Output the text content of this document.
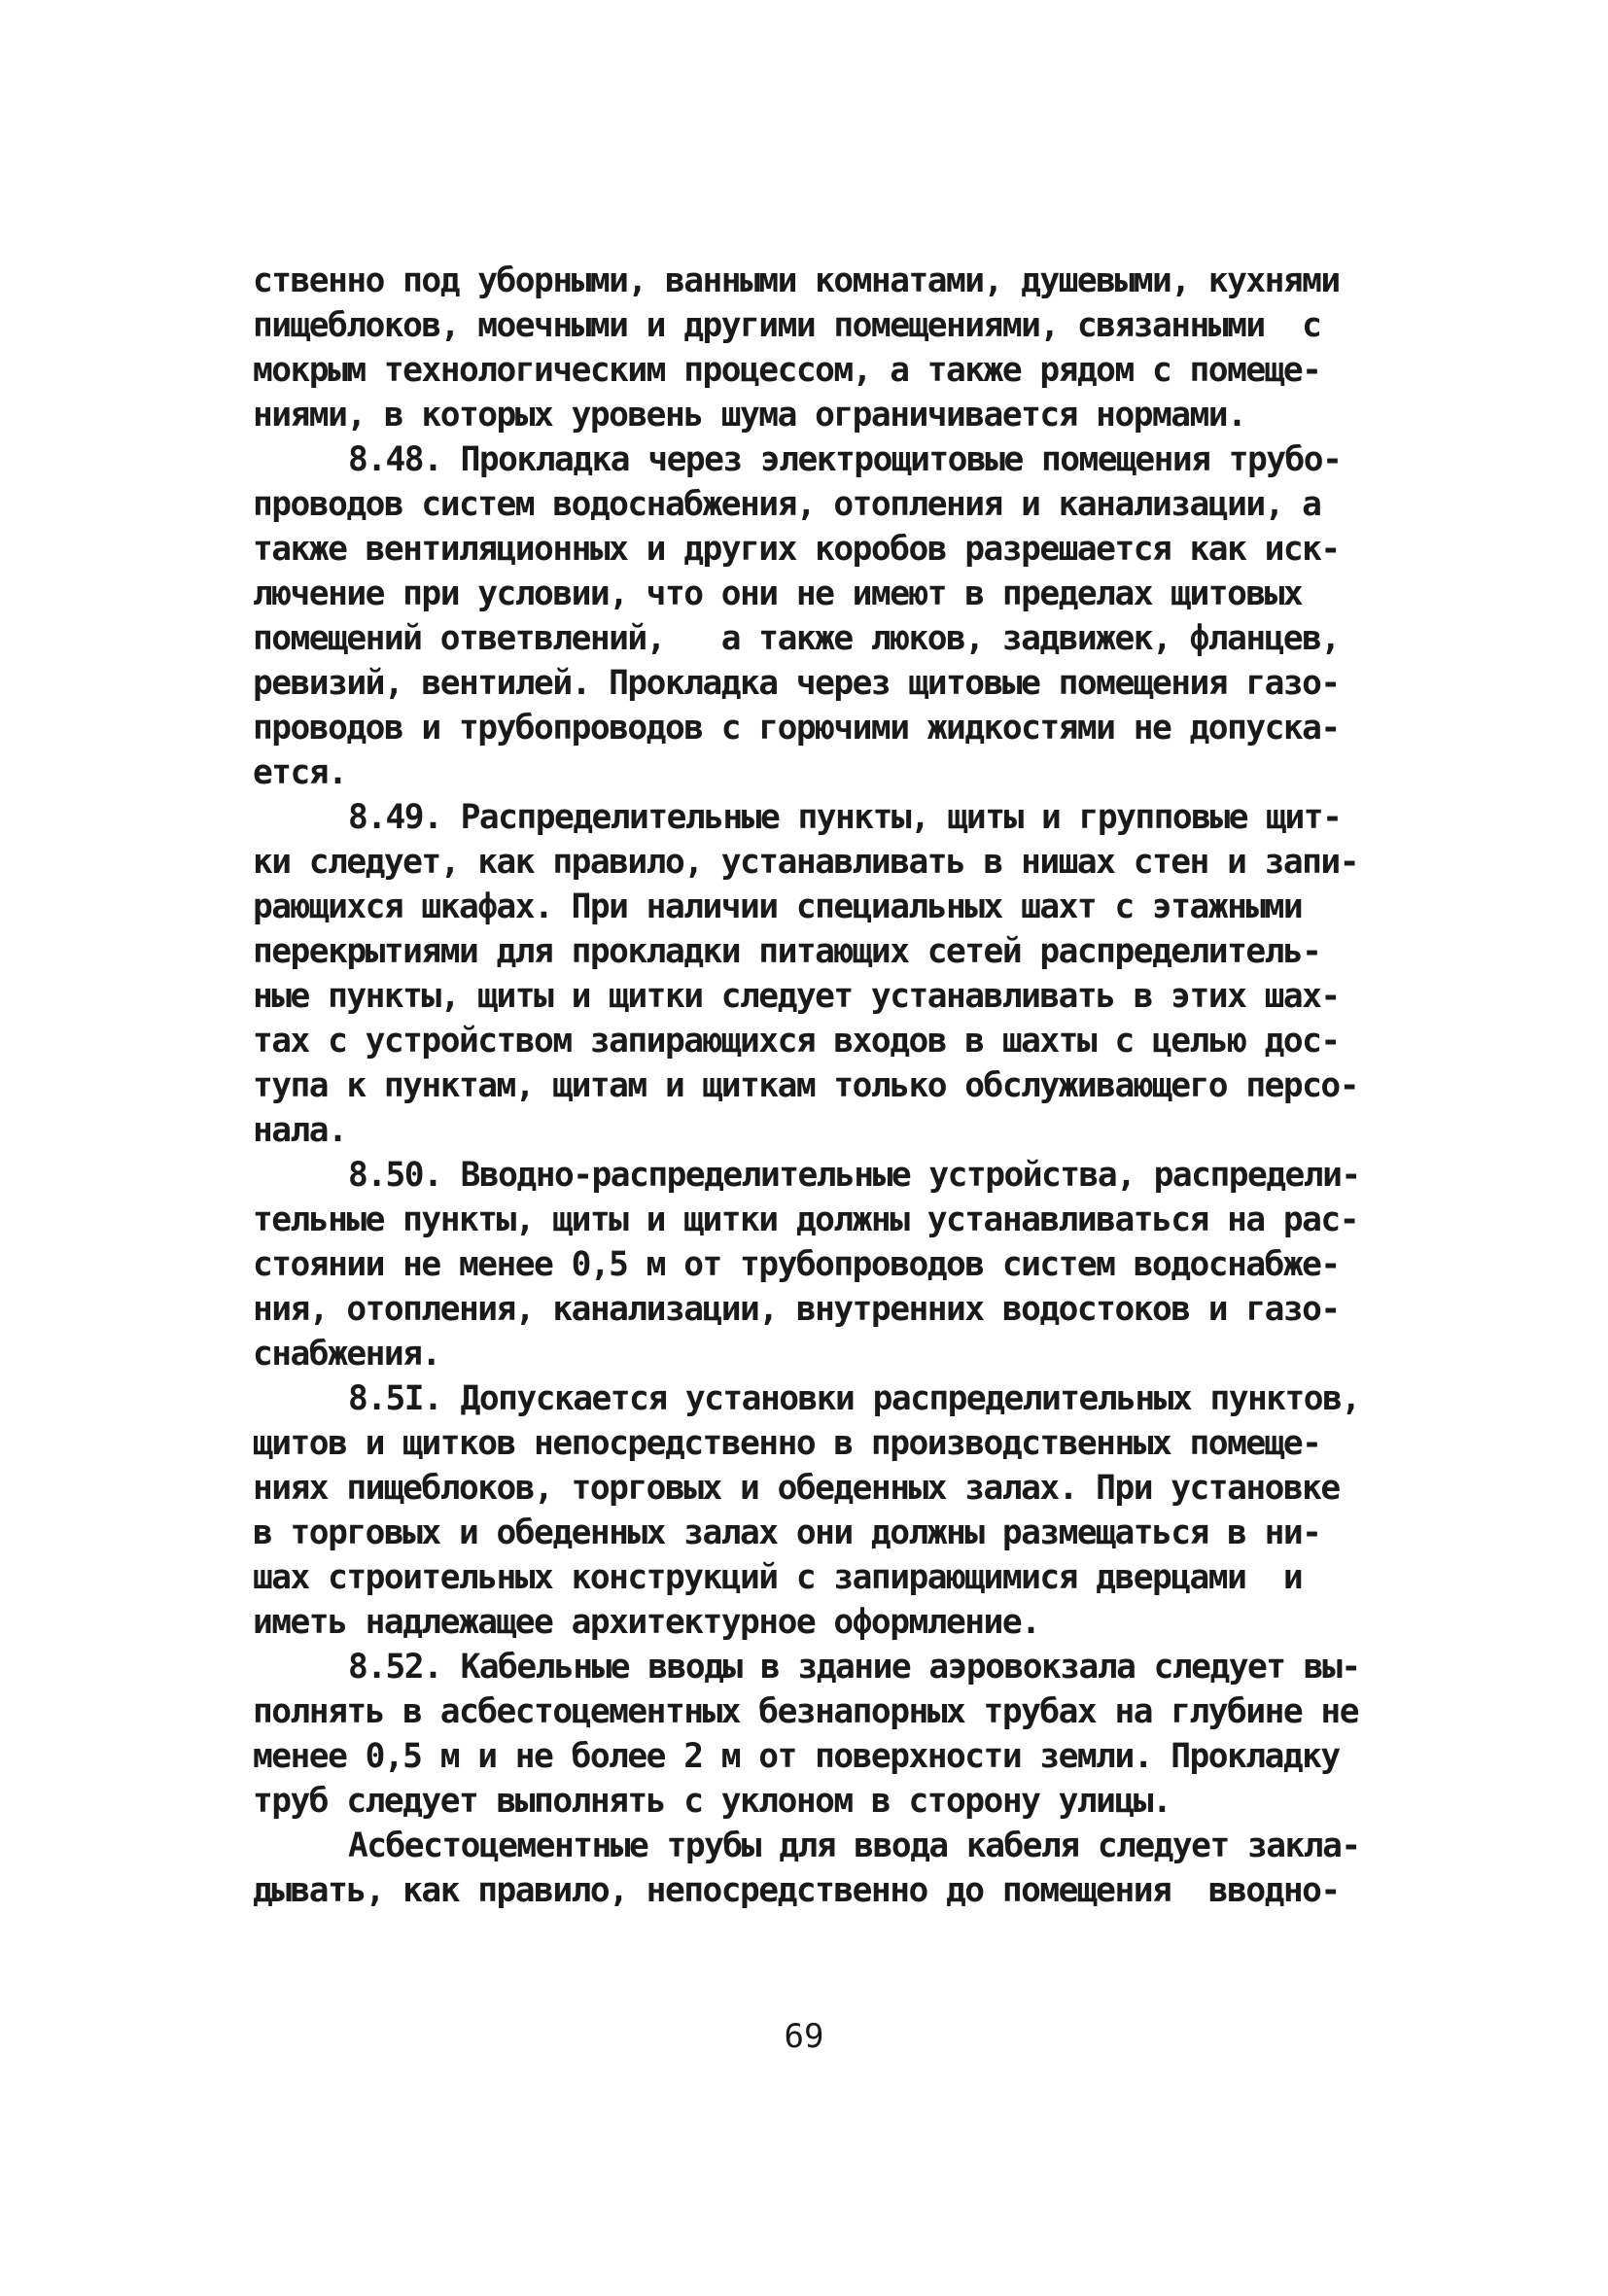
ственно под уборными, ванными комнатами, душевыми, кухнями
пищеблоков, моечными и другими помещениями, связанными  с
мокрым технологическим процессом, а также рядом с помеще-
ниями, в которых уровень шума ограничивается нормами.
8.48. Прокладка через электрощитовые помещения трубо-
проводов систем водоснабжения, отопления и канализации, а
также вентиляционных и других коробов разрешается как иск-
лючение при условии, что они не имеют в пределах щитовых
помещений ответвлений,   а также люков, задвижек, фланцев,
ревизий, вентилей. Прокладка через щитовые помещения газо-
проводов и трубопроводов с горючими жидкостями не допуска-
ется.
8.49. Распределительные пункты, щиты и групповые щит-
ки следует, как правило, устанавливать в нишах стен и запи-
рающихся шкафах. При наличии специальных шахт с этажными
перекрытиями для прокладки питающих сетей распределитель-
ные пункты, щиты и щитки следует устанавливать в этих шах-
тах с устройством запирающихся входов в шахты с целью дос-
тупа к пунктам, щитам и щиткам только обслуживающего персо-
нала.
8.50. Вводно-распределительные устройства, распредели-
тельные пункты, щиты и щитки должны устанавливаться на рас-
стоянии не менее 0,5 м от трубопроводов систем водоснабже-
ния, отопления, канализации, внутренних водостоков и газо-
снабжения.
8.5I. Допускается установки распределительных пунктов,
щитов и щитков непосредственно в производственных помеще-
ниях пищеблоков, торговых и обеденных залах. При установке
в торговых и обеденных залах они должны размещаться в ни-
шах строительных конструкций с запирающимися дверцами  и
иметь надлежащее архитектурное оформление.
8.52. Кабельные вводы в здание аэровокзала следует вы-
полнять в асбестоцементных безнапорных трубах на глубине не
менее 0,5 м и не более 2 м от поверхности земли. Прокладку
труб следует выполнять с уклоном в сторону улицы.
Асбестоцементные трубы для ввода кабеля следует закла-
дывать, как правило, непосредственно до помещения  вводно-
69
